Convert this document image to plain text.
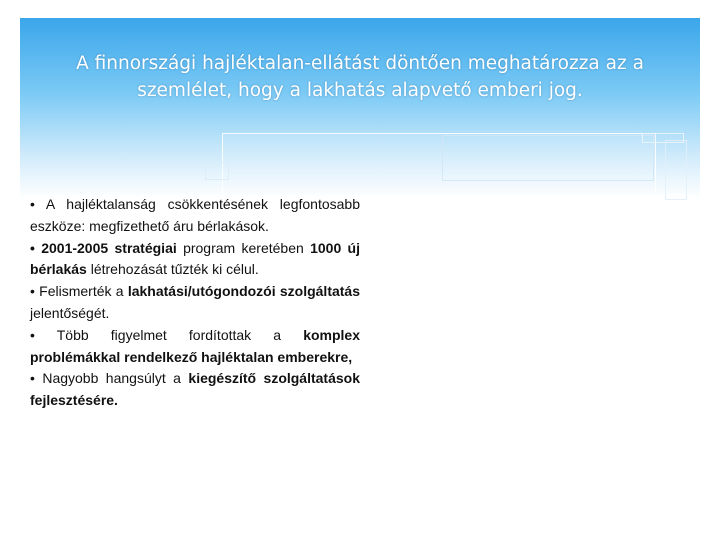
A finnországi hajléktalan-ellátást döntően meghatározza az a
szemlélet, hogy a lakhatás alapvető emberi jog.
• A hajléktalanság csökkentésének legfontosabb eszköze: megfizethető áru bérlakások.
• 2001-2005 stratégiai program keretében 1000 új bérlakás létrehozását tűzték ki célul.
• Felismerték a lakhatási/utógondozói szolgáltatás jelentőségét.
• Több figyelmet fordítottak a komplex problémákkal rendelkező hajléktalan emberekre,
• Nagyobb hangsúlyt a kiegészítő szolgáltatások fejlesztésére.
